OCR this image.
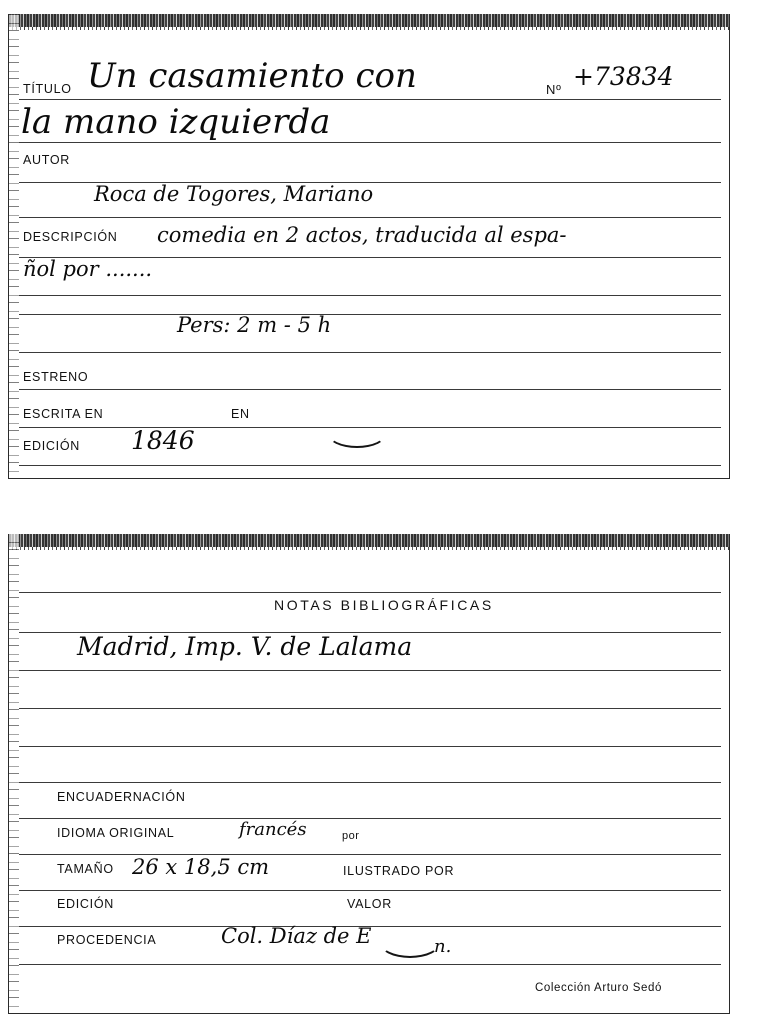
TÍTULO Un casamiento con
la mano izquierda
Nº +73834
AUTOR
Roca de Togores, Mariano
DESCRIPCIÓN comedia en 2 actos, traducida al espa-
ñol por .......
Pers: 2 m - 5 h
ESTRENO
ESCRITA EN	EN
EDICIÓN 1846
NOTAS BIBLIOGRÁFICAS
Madrid, Imp. V. de Lalama
ENCUADERNACIÓN
IDIOMA ORIGINAL	francés	por
TAMAÑO 26 x 18,5 cm	ILUSTRADO POR
EDICIÓN	VALOR
PROCEDENCIA	Col. Díaz de E	n.
Colección Arturo Sedó
